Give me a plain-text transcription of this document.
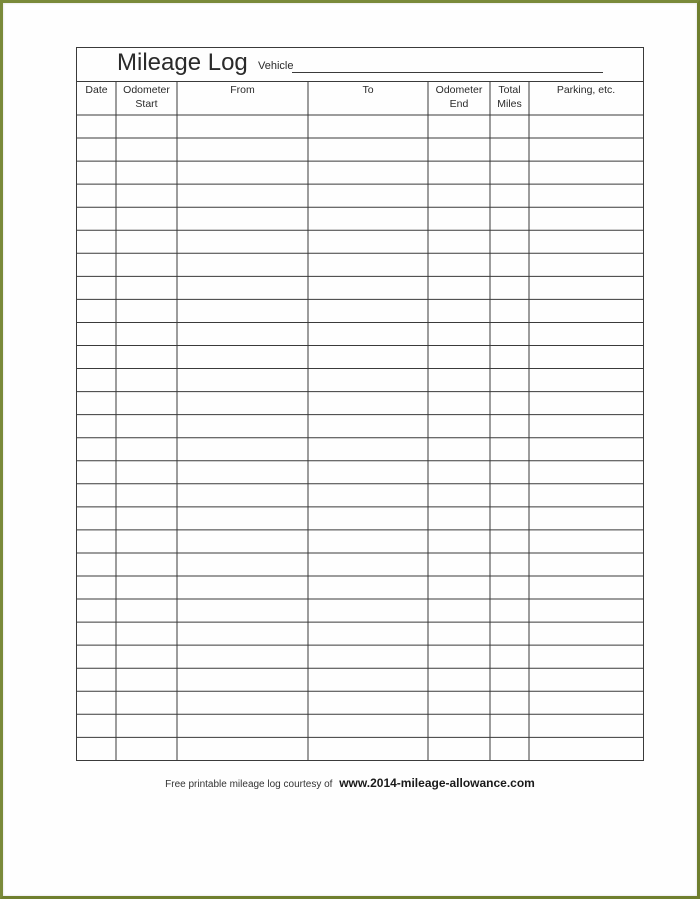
Mileage Log Vehicle
Date Odometer
Start
From	To	Odometer
End
Total
Miles
Parking, etc.
Free printable mileage log courtesy of www.2014-mileage-allowance.com
